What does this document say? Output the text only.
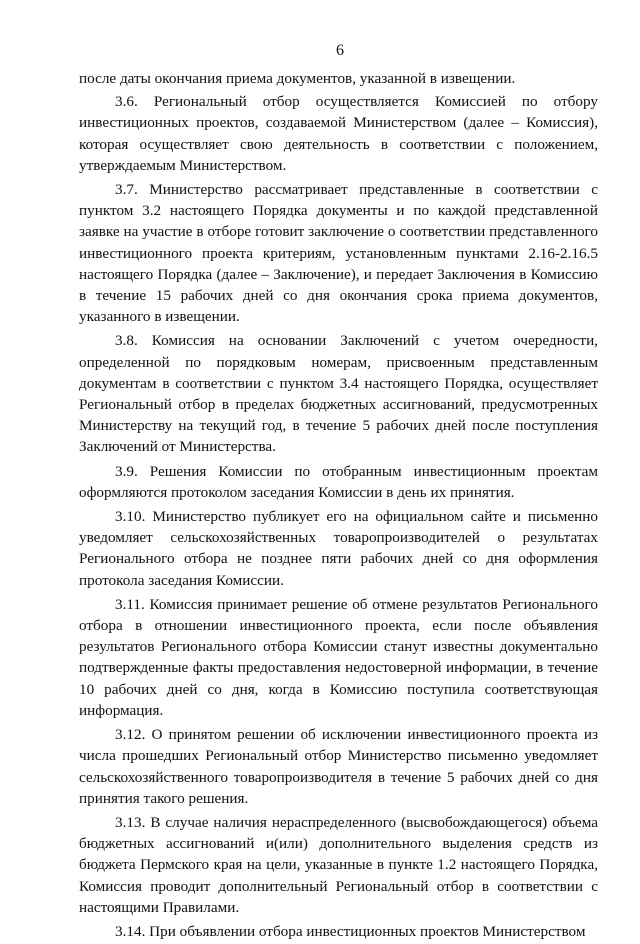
6

после даты окончания приема документов, указанной в извещении.

3.6. Региональный отбор осуществляется Комиссией по отбору инвестиционных проектов, создаваемой Министерством (далее – Комиссия), которая осуществляет свою деятельность в соответствии с положением, утверждаемым Министерством.

3.7. Министерство рассматривает представленные в соответствии с пунктом 3.2 настоящего Порядка документы и по каждой представленной заявке на участие в отборе готовит заключение о соответствии представленного инвестиционного проекта критериям, установленным пунктами 2.16-2.16.5 настоящего Порядка (далее – Заключение), и передает Заключения в Комиссию в течение 15 рабочих дней со дня окончания срока приема документов, указанного в извещении.

3.8. Комиссия на основании Заключений с учетом очередности, определенной по порядковым номерам, присвоенным представленным документам в соответствии с пунктом 3.4 настоящего Порядка, осуществляет Региональный отбор в пределах бюджетных ассигнований, предусмотренных Министерству на текущий год, в течение 5 рабочих дней после поступления Заключений от Министерства.

3.9. Решения Комиссии по отобранным инвестиционным проектам оформляются протоколом заседания Комиссии в день их принятия.

3.10. Министерство публикует его на официальном сайте и письменно уведомляет сельскохозяйственных товаропроизводителей о результатах Регионального отбора не позднее пяти рабочих дней со дня оформления протокола заседания Комиссии.

3.11. Комиссия принимает решение об отмене результатов Регионального отбора в отношении инвестиционного проекта, если после объявления результатов Регионального отбора Комиссии станут известны документально подтвержденные факты предоставления недостоверной информации, в течение 10 рабочих дней со дня, когда в Комиссию поступила соответствующая информация.

3.12. О принятом решении об исключении инвестиционного проекта из числа прошедших Региональный отбор Министерство письменно уведомляет сельскохозяйственного товаропроизводителя в течение 5 рабочих дней со дня принятия такого решения.

3.13. В случае наличия нераспределенного (высвобождающегося) объема бюджетных ассигнований и(или) дополнительного выделения средств из бюджета Пермского края на цели, указанные в пункте 1.2 настоящего Порядка, Комиссия проводит дополнительный Региональный отбор в соответствии с настоящими Правилами.

3.14. При объявлении отбора инвестиционных проектов Министерством
